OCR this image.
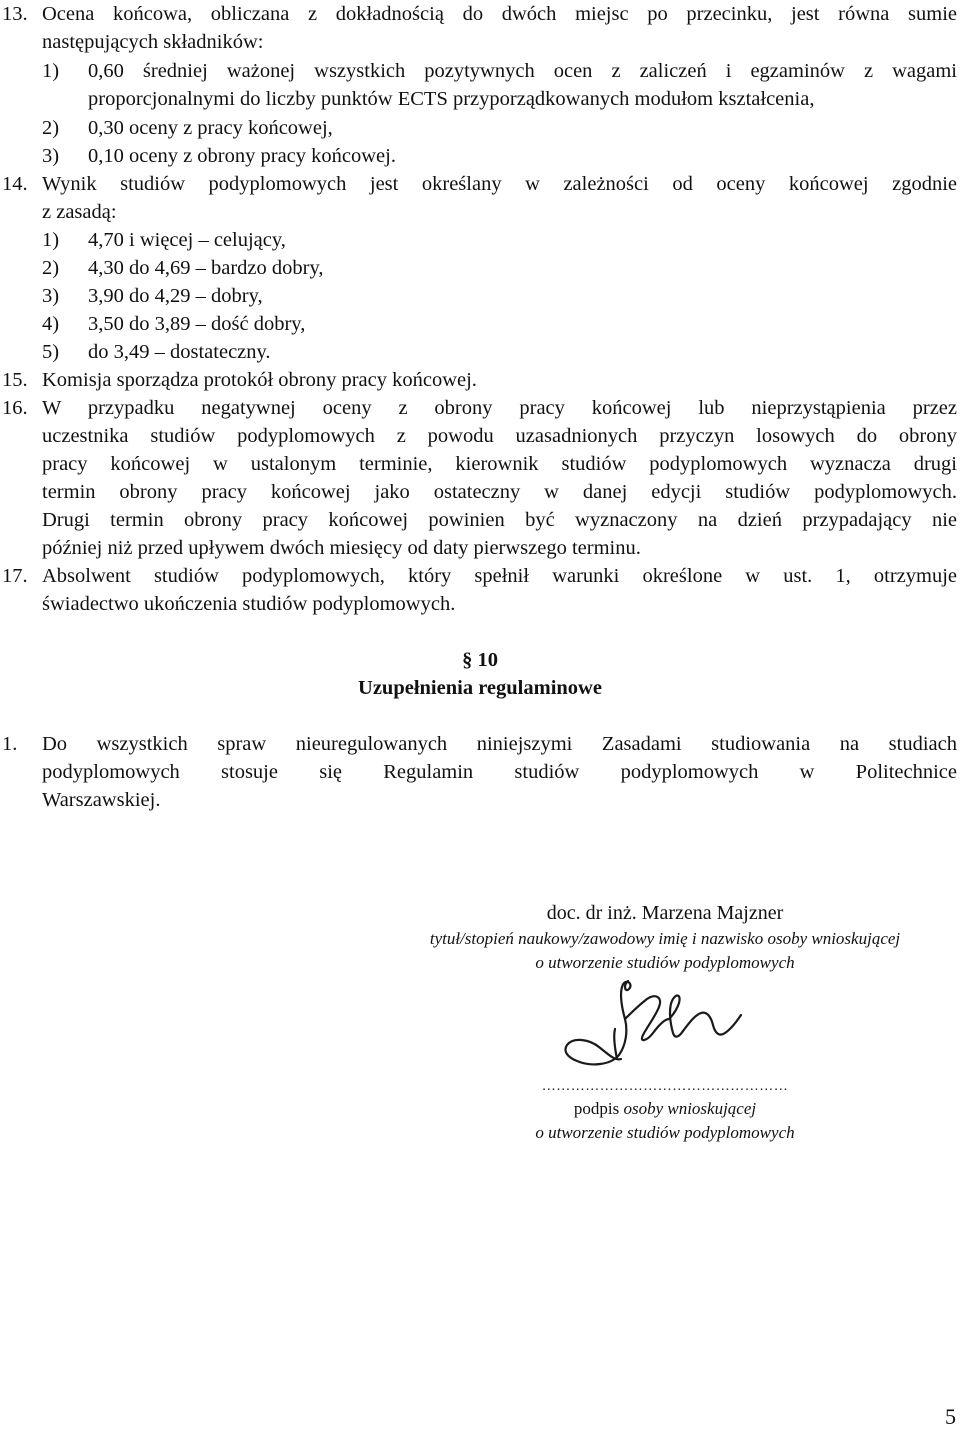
13. Ocena końcowa, obliczana z dokładnością do dwóch miejsc po przecinku, jest równa sumie
następujących składników:
1) 0,60 średniej ważonej wszystkich pozytywnych ocen z zaliczeń i egzaminów z wagami
proporcjonalnymi do liczby punktów ECTS przyporządkowanych modułom kształcenia,
2) 0,30 oceny z pracy końcowej,
3) 0,10 oceny z obrony pracy końcowej.
14. Wynik studiów podyplomowych jest określany w zależności od oceny końcowej zgodnie
z zasadą:
1) 4,70 i więcej – celujący,
2) 4,30 do 4,69 – bardzo dobry,
3) 3,90 do 4,29 – dobry,
4) 3,50 do 3,89 – dość dobry,
5) do 3,49 – dostateczny.
15. Komisja sporządza protokół obrony pracy końcowej.
16. W przypadku negatywnej oceny z obrony pracy końcowej lub nieprzystąpienia przez
uczestnika studiów podyplomowych z powodu uzasadnionych przyczyn losowych do obrony
pracy końcowej w ustalonym terminie, kierownik studiów podyplomowych wyznacza drugi
termin obrony pracy końcowej jako ostateczny w danej edycji studiów podyplomowych.
Drugi termin obrony pracy końcowej powinien być wyznaczony na dzień przypadający nie
później niż przed upływem dwóch miesięcy od daty pierwszego terminu.
17. Absolwent studiów podyplomowych, który spełnił warunki określone w ust. 1, otrzymuje
świadectwo ukończenia studiów podyplomowych.
§ 10
Uzupełnienia regulaminowe
1. Do wszystkich spraw nieuregulowanych niniejszymi Zasadami studiowania na studiach
podyplomowych stosuje się Regulamin studiów podyplomowych w Politechnice
Warszawskiej.
doc. dr inż. Marzena Majzner
tytuł/stopień naukowy/zawodowy imię i nazwisko osoby wnioskującej
o utworzenie studiów podyplomowych
……………………………………………
podpis osoby wnioskującej
o utworzenie studiów podyplomowych
5
